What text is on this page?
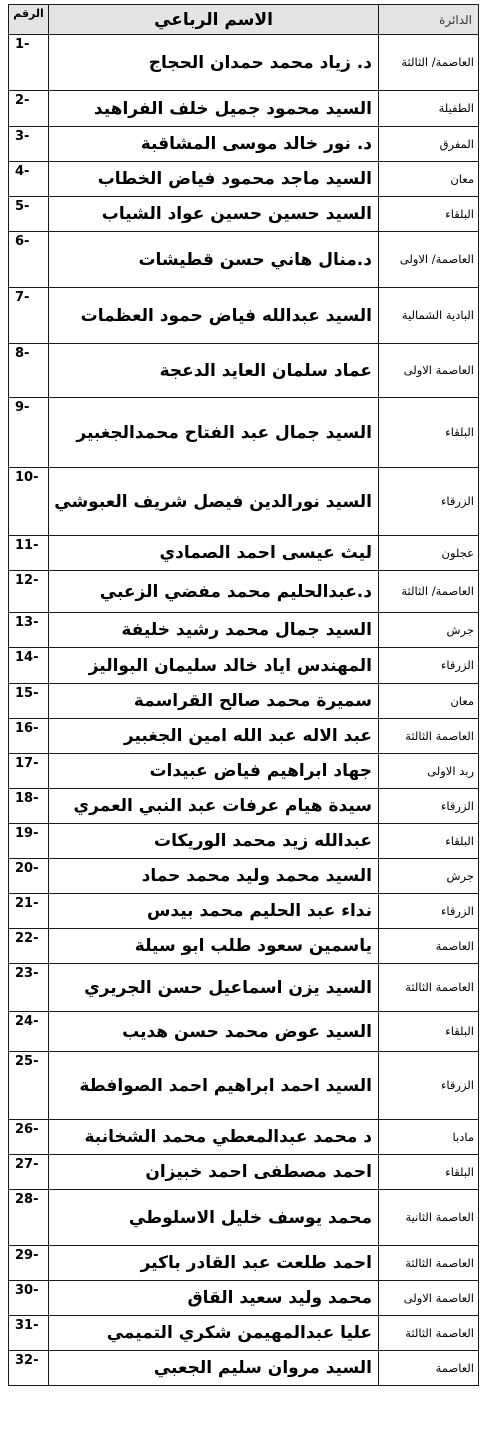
الرقم	الاسم الرباعي	الدائرة
1-	د. زياد محمد حمدان الحجاج	العاصمة/ الثالثة
2-	السيد محمود جميل خلف الفراهيد	الطفيلة
3-	د. نور خالد موسى المشاقبة	المفرق
4-	السيد ماجد محمود فياض الخطاب	معان
5-	السيد حسين حسين عواد الشياب	البلقاء
6-	د.منال هاني حسن قطيشات	العاصمة/ الاولى
7-	السيد عبدالله فياض حمود العظمات	البادية الشمالية
8-	عماد سلمان العايد الدعجة	العاصمة الاولى
9-	السيد جمال عبد الفتاح محمدالجغبير	البلقاء
10-	السيد نورالدين فيصل شريف العبوشي	الزرقاء
11-	ليث عيسى احمد الصمادي	عجلون
12-	د.عبدالحليم محمد مفضي الزعبي	العاصمة/ الثالثة
13-	السيد جمال محمد رشيد خليفة	جرش
14-	المهندس اياد خالد سليمان البواليز	الزرقاء
15-	سميرة محمد صالح القراسمة	معان
16-	عبد الاله عبد الله امين الجغبير	العاصمة الثالثة
17-	جهاد ابراهيم فياض عبيدات	ربد الاولى
18-	سيدة هيام عرفات عبد النبي العمري	الزرقاء
19-	عبدالله زيد محمد الوريكات	البلقاء
20-	السيد محمد وليد محمد حماد	جرش
21-	نداء عبد الحليم محمد بيدس	الزرقاء
22-	ياسمين سعود طلب ابو سيلة	العاصمة
23-	السيد يزن اسماعيل حسن الجريري	العاصمة الثالثة
24-	السيد عوض محمد حسن هديب	البلقاء
25-	السيد احمد ابراهيم احمد الصوافطة	الزرقاء
26-	د محمد عبدالمعطي محمد الشخانبة	مادبا
27-	احمد مصطفى احمد خبيزان	البلقاء
28-	محمد يوسف خليل الاسلوطي	العاصمة الثانية
29-	احمد طلعت عبد القادر باكير	العاصمة الثالثة
30-	محمد وليد سعيد القاق	العاصمة الاولى
31-	عليا عبدالمهيمن شكري التميمي	العاصمة الثالثة
32-	السيد مروان سليم الجعبي	العاصمة
